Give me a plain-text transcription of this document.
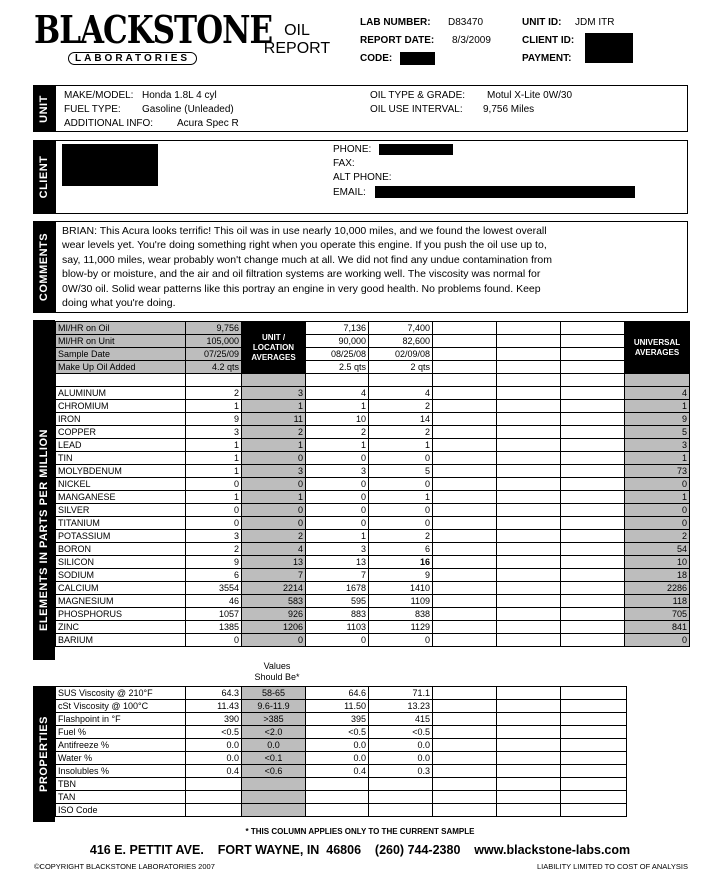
BLACKSTONE
LABORATORIES
OIL
REPORT
LAB NUMBER: D83470
REPORT DATE: 8/3/2009
CODE:
UNIT ID: JDM ITR
CLIENT ID:
PAYMENT:
UNIT MAKE/MODEL: Honda 1.8L 4 cyl
FUEL TYPE: Gasoline (Unleaded)
ADDITIONAL INFO: Acura Spec R
OIL TYPE & GRADE: Motul X-Lite 0W/30
OIL USE INTERVAL: 9,756 Miles
CLIENT
PHONE:
FAX:
ALT PHONE:
EMAIL:
COMMENTS
BRIAN: This Acura looks terrific! This oil was in use nearly 10,000 miles, and we found the lowest overall
wear levels yet. You're doing something right when you operate this engine. If you push the oil use up to,
say, 11,000 miles, wear probably won't change much at all. We did not find any undue contamination from
blow-by or moisture, and the air and oil filtration systems are working well. The viscosity was normal for
0W/30 oil. Solid wear patterns like this portray an engine in very good health. No problems found. Keep
doing what you're doing.
ELEMENTS IN PARTS PER MILLION
MI/HR on Oil	9,756	UNIT / LOCATION AVERAGES	7,136	7,400				UNIVERSAL AVERAGES
MI/HR on Unit	105,000		90,000	82,600				
Sample Date	07/25/09		08/25/08	02/09/08				
Make Up Oil Added	4.2 qts		2.5 qts	2 qts				

ALUMINUM	2	3	4	4				4
CHROMIUM	1	1	1	2				1
IRON	9	11	10	14				9
COPPER	3	2	2	2				5
LEAD	1	1	1	1				3
TIN	1	0	0	0				1
MOLYBDENUM	1	3	3	5				73
NICKEL	0	0	0	0				0
MANGANESE	1	1	0	1				1
SILVER	0	0	0	0				0
TITANIUM	0	0	0	0				0
POTASSIUM	3	2	1	2				2
BORON	2	4	3	6				54
SILICON	9	13	13	16				10
SODIUM	6	7	7	9				18
CALCIUM	3554	2214	1678	1410				2286
MAGNESIUM	46	583	595	1109				118
PHOSPHORUS	1057	926	883	838				705
ZINC	1385	1206	1103	1129				841
BARIUM	0	0	0	0				0
Values
Should Be*
PROPERTIES
SUS Viscosity @ 210°F	64.3	58-65	64.6	71.1			
cSt Viscosity @ 100°C	11.43	9.6-11.9	11.50	13.23			
Flashpoint in °F	390	>385	395	415			
Fuel %	<0.5	<2.0	<0.5	<0.5			
Antifreeze %	0.0	0.0	0.0	0.0			
Water %	0.0	<0.1	0.0	0.0			
Insolubles %	0.4	<0.6	0.4	0.3			
TBN							
TAN							
ISO Code							
* THIS COLUMN APPLIES ONLY TO THE CURRENT SAMPLE
416 E. PETTIT AVE.    FORT WAYNE, IN  46806    (260) 744-2380    www.blackstone-labs.com
©COPYRIGHT BLACKSTONE LABORATORIES 2007	LIABILITY LIMITED TO COST OF ANALYSIS
